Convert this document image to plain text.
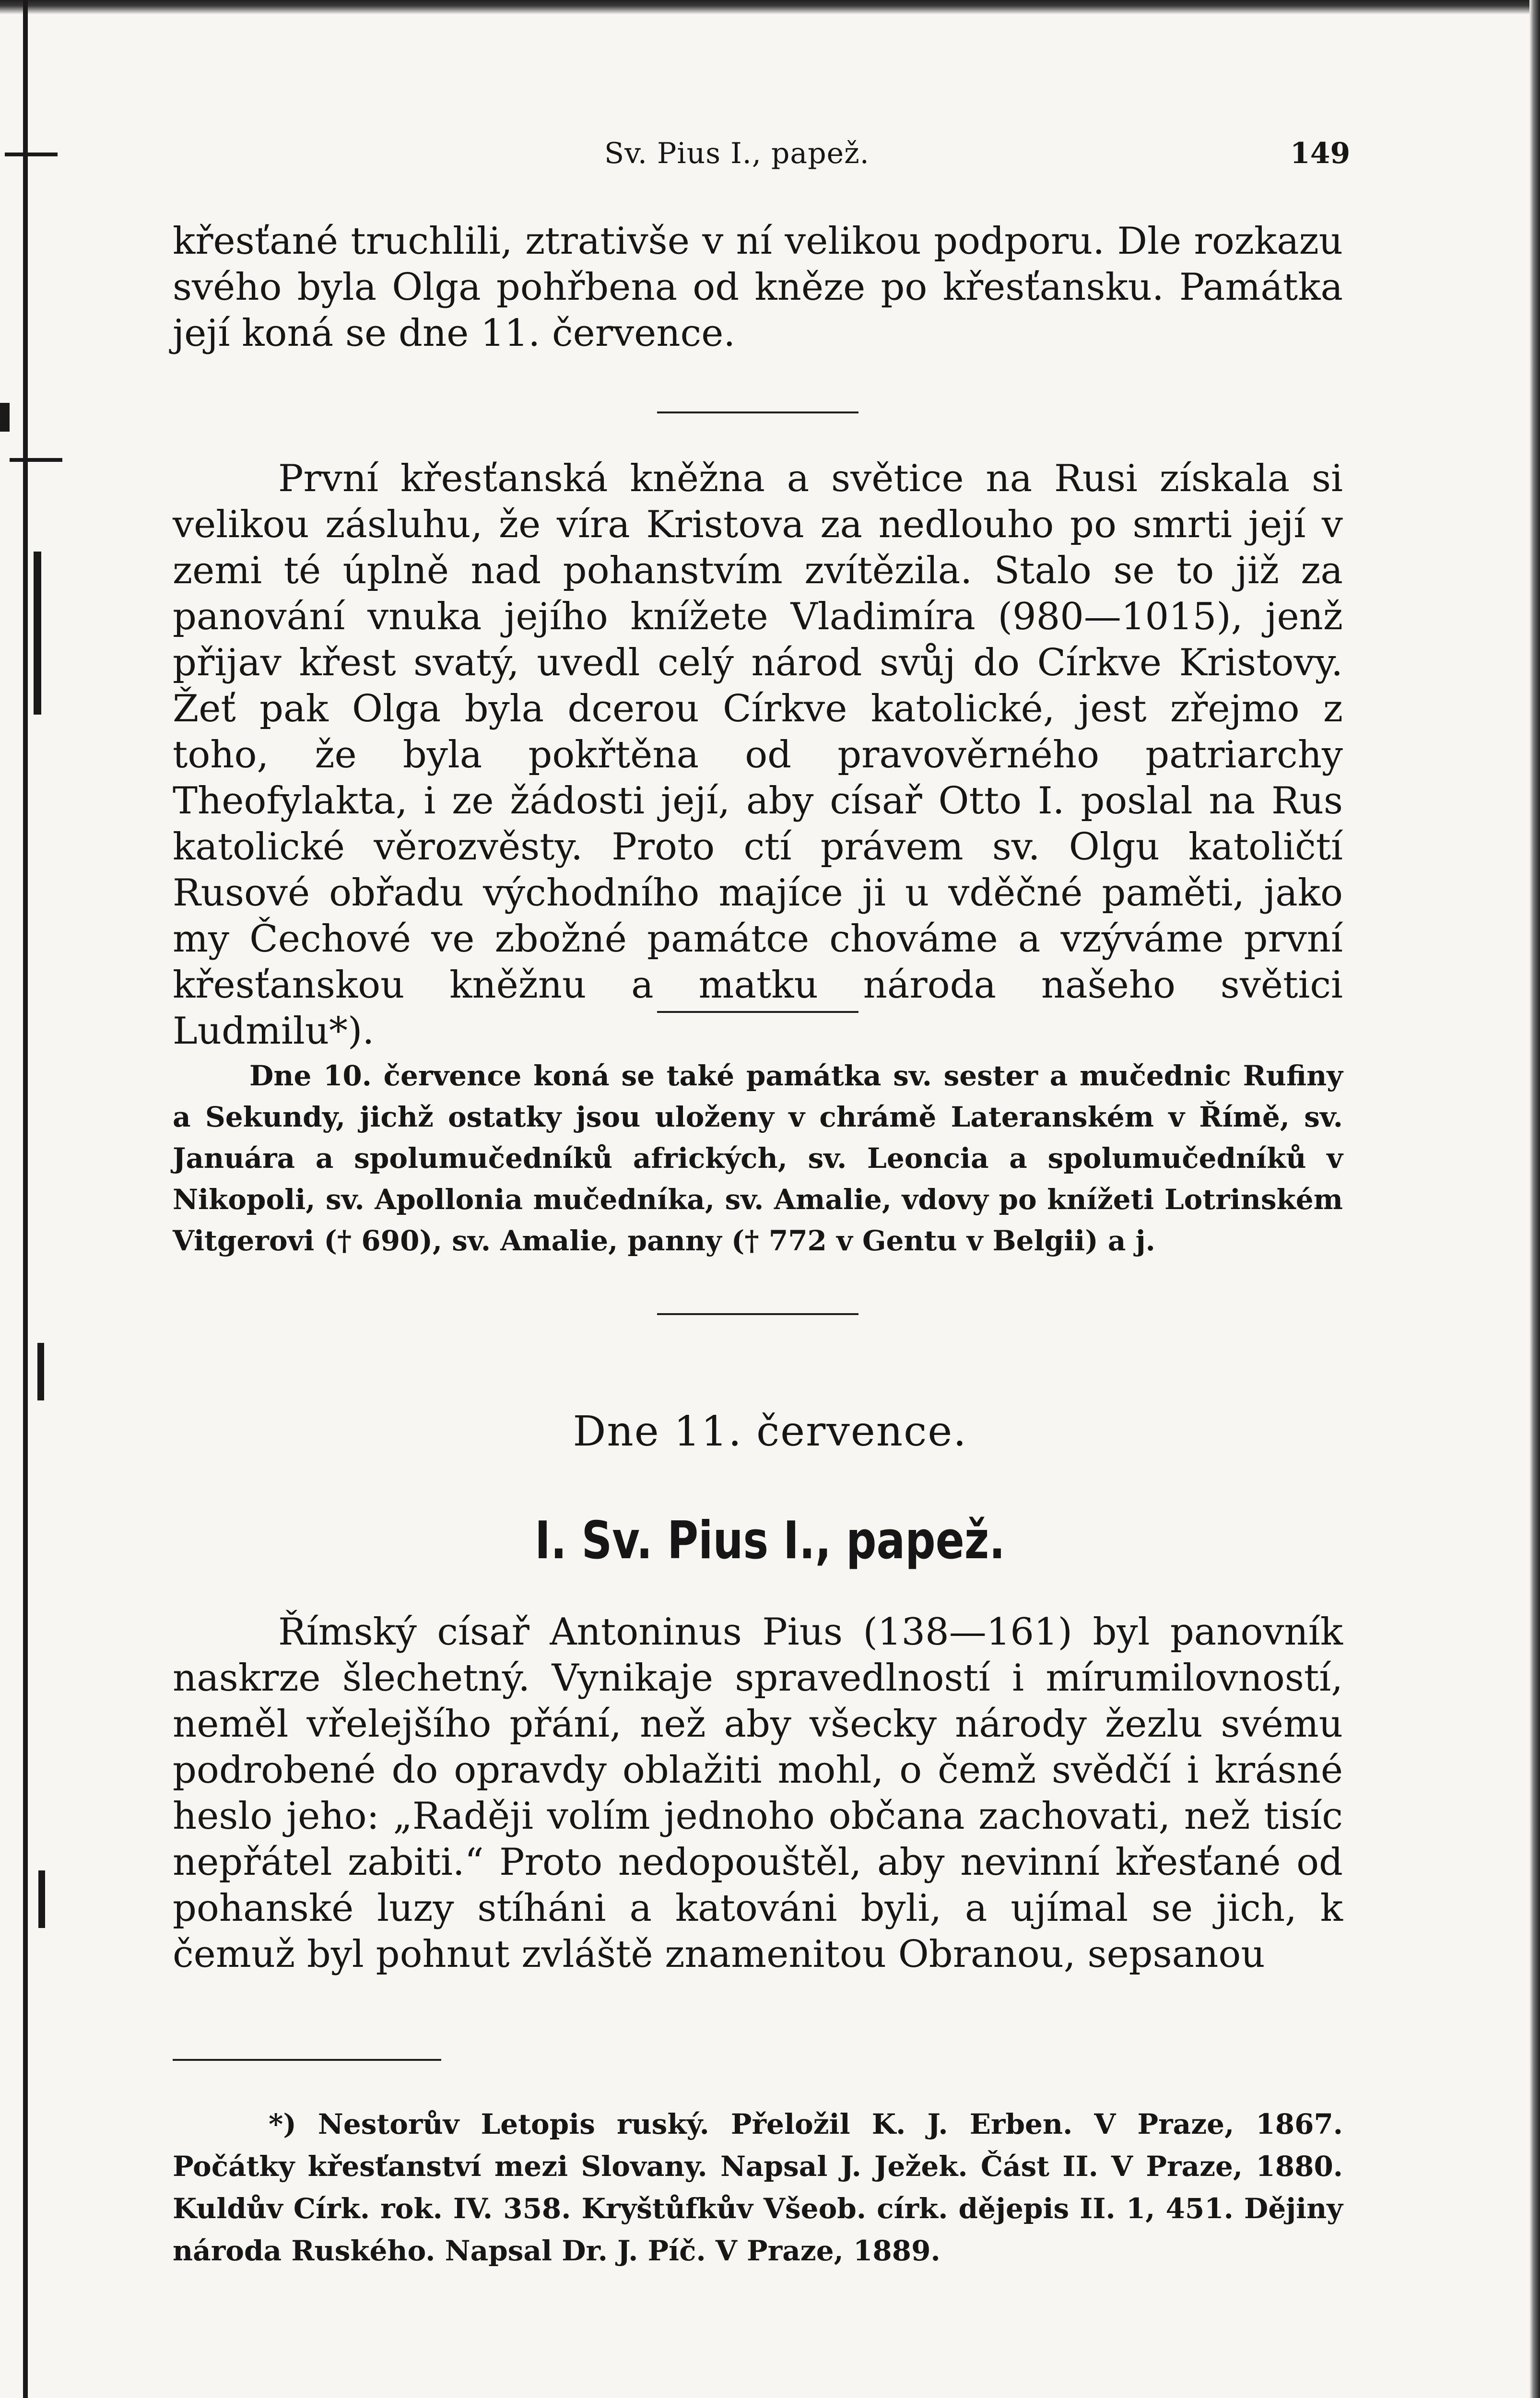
Sv. Pius I., papež.	149

křesťané truchlili, ztrativše v ní velikou podporu. Dle rozkazu svého byla Olga pohřbena od kněze po křesťansku. Památka její koná se dne 11. července.

První křesťanská kněžna a světice na Rusi získala si velikou zásluhu, že víra Kristova za nedlouho po smrti její v zemi té úplně nad pohanstvím zvítězila. Stalo se to již za panování vnuka jejího knížete Vladimíra (980—1015), jenž přijav křest svatý, uvedl celý národ svůj do Církve Kristovy. Žeť pak Olga byla dcerou Církve katolické, jest zřejmo z toho, že byla pokřtěna od pravověrného patriarchy Theofylakta, i ze žádosti její, aby císař Otto I. poslal na Rus katolické věrozvěsty. Proto ctí právem sv. Olgu katoličtí Rusové obřadu východního majíce ji u vděčné paměti, jako my Čechové ve zbožné památce chováme a vzýváme první křesťanskou kněžnu a matku národa našeho světici Ludmilu*).

Dne 10. července koná se také památka sv. sester a mučednic Rufiny a Sekundy, jichž ostatky jsou uloženy v chrámě Lateranském v Římě, sv. Januára a spolumučedníků afrických, sv. Leoncia a spolumučedníků v Nikopoli, sv. Apollonia mučedníka, sv. Amalie, vdovy po knížeti Lotrinském Vitgerovi († 690), sv. Amalie, panny († 772 v Gentu v Belgii) a j.

Dne 11. července.
I. Sv. Pius I., papež.

Římský císař Antoninus Pius (138—161) byl panovník naskrze šlechetný. Vynikaje spravedlností i mírumilovností, neměl vřelejšího přání, než aby všecky národy žezlu svému podrobené do opravdy oblažiti mohl, o čemž svědčí i krásné heslo jeho: „Raději volím jednoho občana zachovati, než tisíc nepřátel zabiti.“ Proto nedopouštěl, aby nevinní křesťané od pohanské luzy stíháni a katováni byli, a ujímal se jich, k čemuž byl pohnut zvláště znamenitou Obranou, sepsanou

*) Nestorův Letopis ruský. Přeložil K. J. Erben. V Praze, 1867. Počátky křesťanství mezi Slovany. Napsal J. Ježek. Část II. V Praze, 1880. Kuldův Círk. rok. IV. 358. Kryštůfkův Všeob. círk. dějepis II. 1, 451. Dějiny národa Ruského. Napsal Dr. J. Píč. V Praze, 1889.
